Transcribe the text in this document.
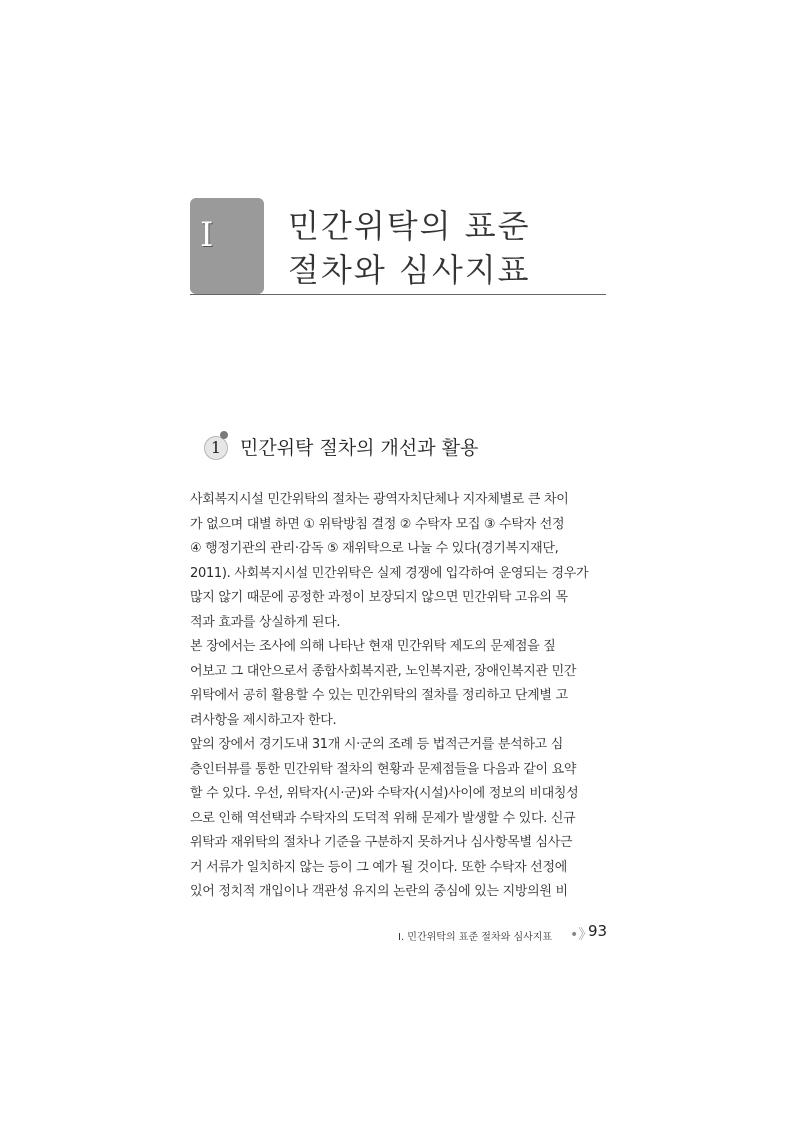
I 민간위탁의 표준
절차와 심사지표
1 민간위탁 절차의 개선과 활용
사회복지시설 민간위탁의 절차는 광역자치단체나 지자체별로 큰 차이
가 없으며 대별 하면 ① 위탁방침 결정 ② 수탁자 모집 ③ 수탁자 선정
④ 행정기관의 관리·감독 ⑤ 재위탁으로 나눌 수 있다(경기복지재단,
2011). 사회복지시설 민간위탁은 실제 경쟁에 입각하여 운영되는 경우가
많지 않기 때문에 공정한 과정이 보장되지 않으면 민간위탁 고유의 목
적과 효과를 상실하게 된다.
본 장에서는 조사에 의해 나타난 현재 민간위탁 제도의 문제점을 짚
어보고 그 대안으로서 종합사회복지관, 노인복지관, 장애인복지관 민간
위탁에서 공히 활용할 수 있는 민간위탁의 절차를 정리하고 단계별 고
려사항을 제시하고자 한다.
앞의 장에서 경기도내 31개 시·군의 조례 등 법적근거를 분석하고 심
층인터뷰를 통한 민간위탁 절차의 현황과 문제점들을 다음과 같이 요약
할 수 있다. 우선, 위탁자(시·군)와 수탁자(시설)사이에 정보의 비대칭성
으로 인해 역선택과 수탁자의 도덕적 위해 문제가 발생할 수 있다. 신규
위탁과 재위탁의 절차나 기준을 구분하지 못하거나 심사항목별 심사근
거 서류가 일치하지 않는 등이 그 예가 될 것이다. 또한 수탁자 선정에
있어 정치적 개입이나 객관성 유지의 논란의 중심에 있는 지방의원 비
Ⅰ. 민간위탁의 표준 절차와 심사지표 •》
93
